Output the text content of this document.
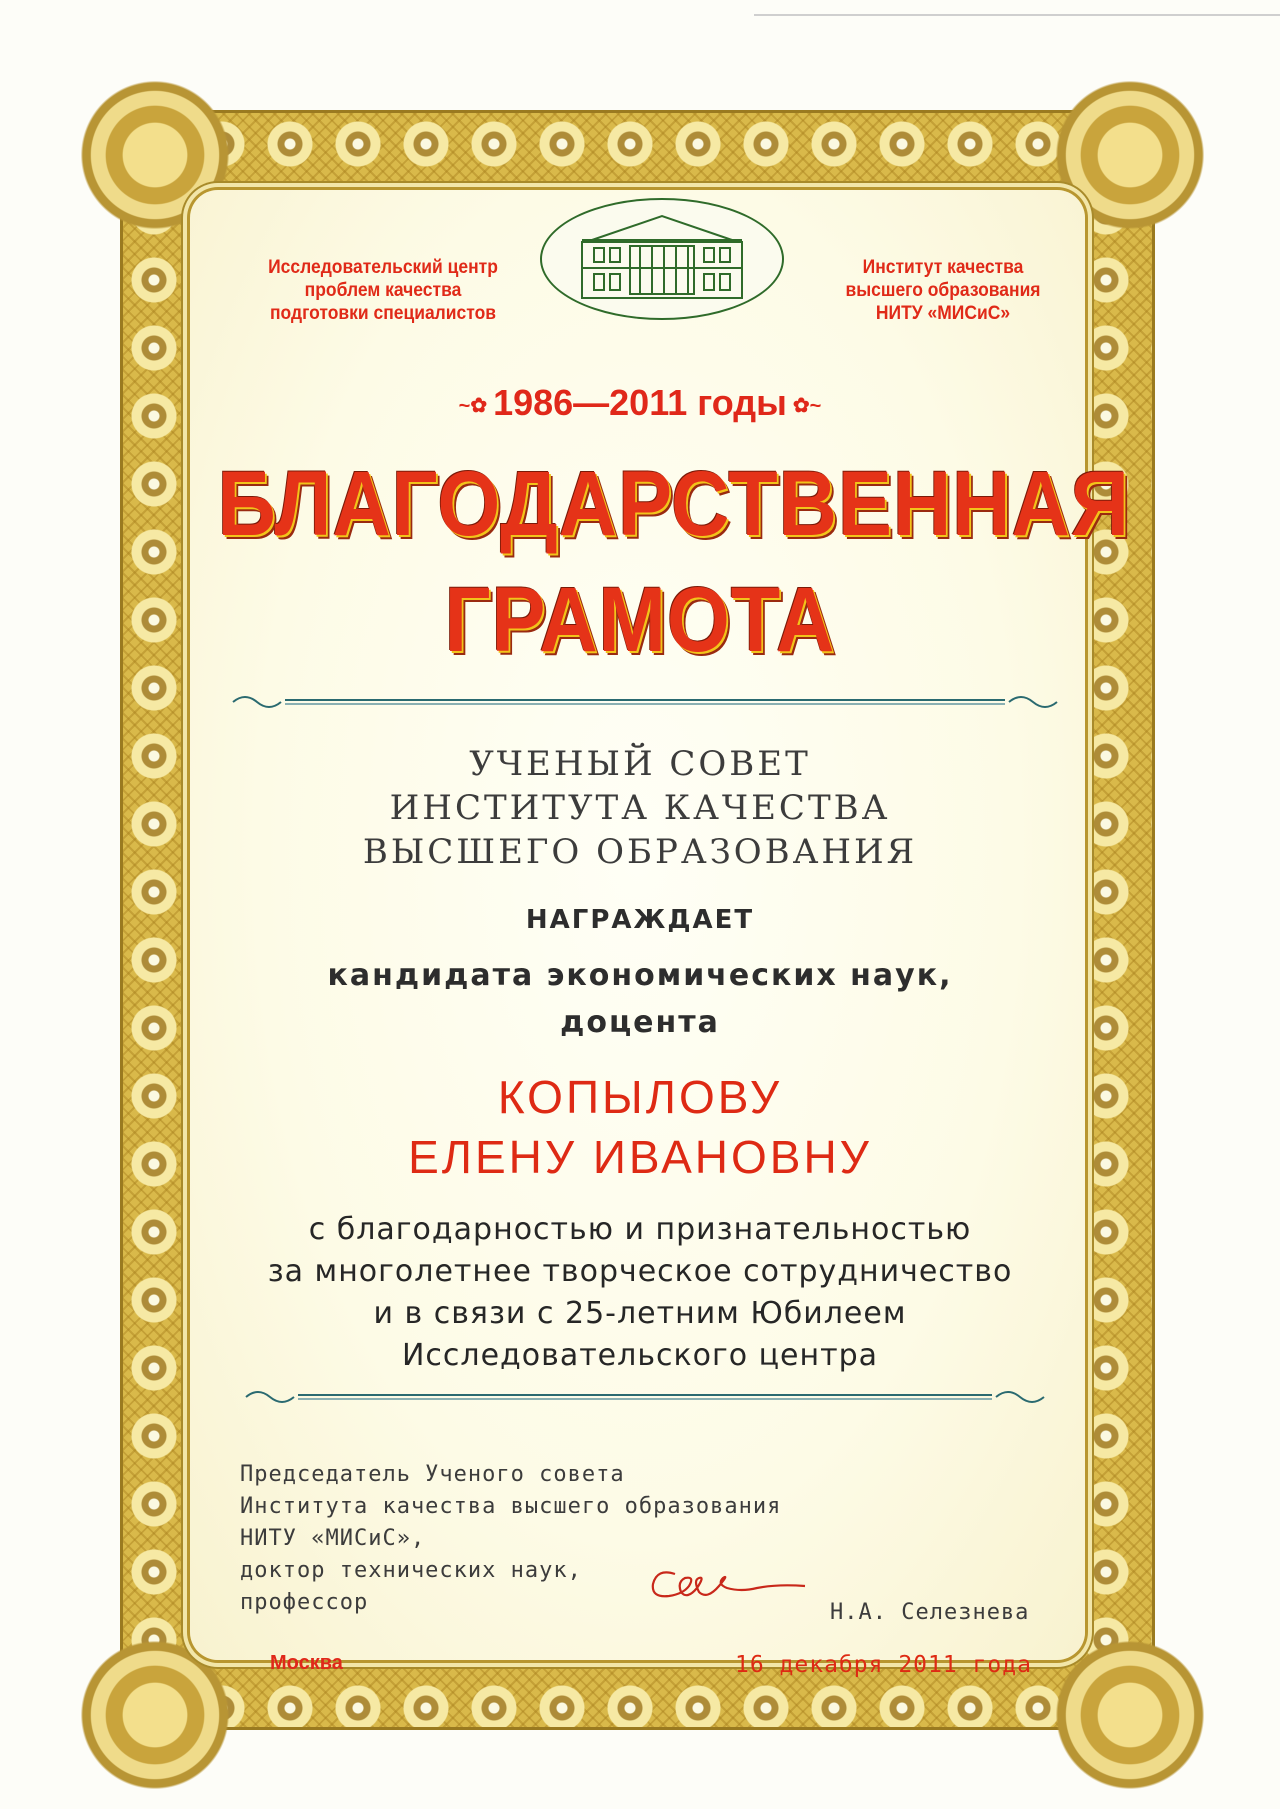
Исследовательский центр
проблем качества
подготовки специалистов
Институт качества
высшего образования
НИТУ «МИСиС»
~✿ 1986—2011 годы ✿~
БЛАГОДАРСТВЕННАЯ
ГРАМОТА
УЧЕНЫЙ СОВЕТ
ИНСТИТУТА КАЧЕСТВА
ВЫСШЕГО ОБРАЗОВАНИЯ
НАГРАЖДАЕТ
кандидата экономических наук,
доцента
КОПЫЛОВУ
ЕЛЕНУ ИВАНОВНУ
с благодарностью и признательностью
за многолетнее творческое сотрудничество
и в связи с 25-летним Юбилеем
Исследовательского центра
Председатель Ученого совета
Института качества высшего образования
НИТУ «МИСиС»,
доктор технических наук,
профессор	Н.А. Селезнева
Москва	16 декабря 2011 года
